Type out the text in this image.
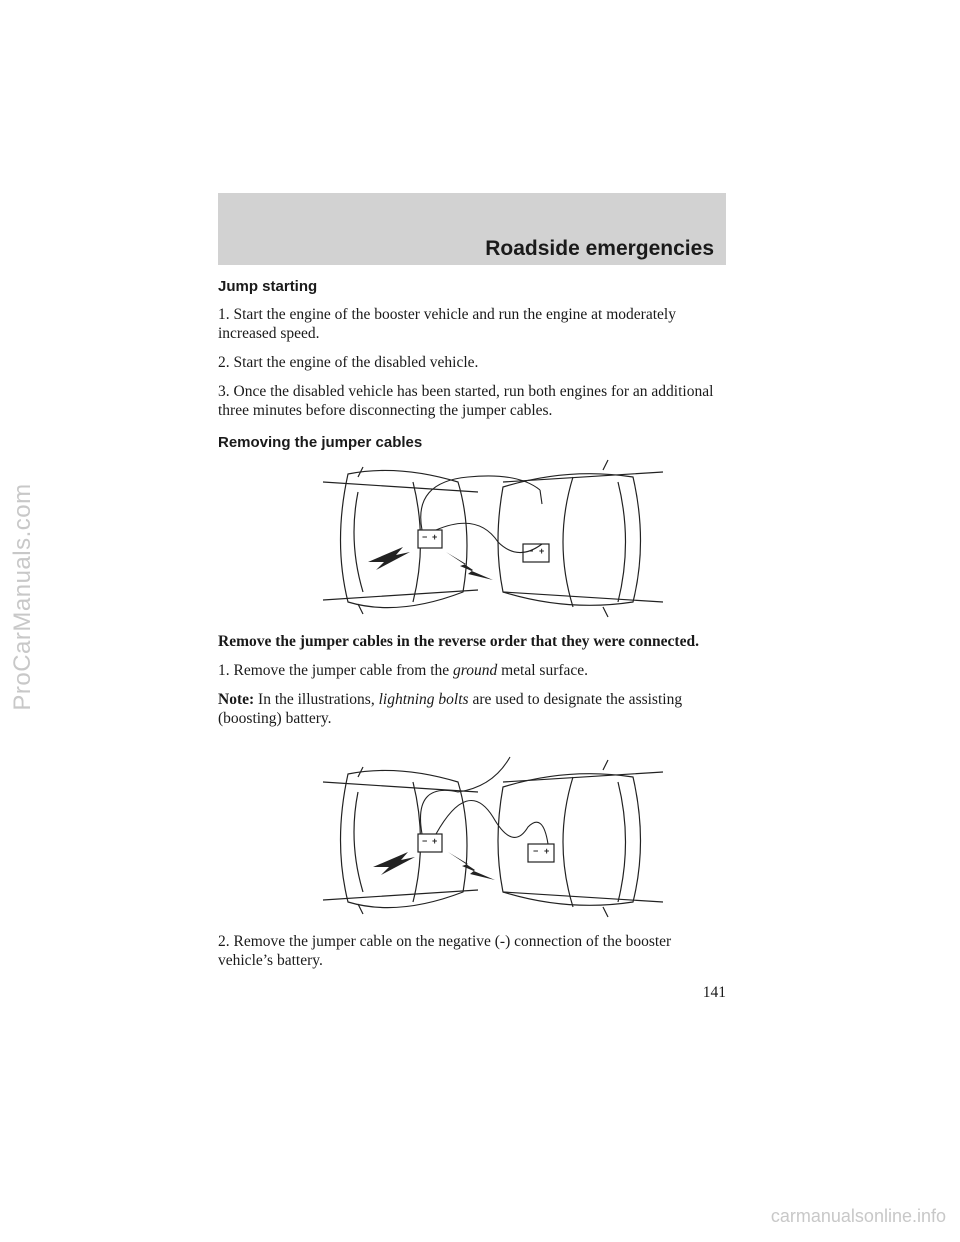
Roadside emergencies
Jump starting

1. Start the engine of the booster vehicle and run the engine at moderately increased speed.

2. Start the engine of the disabled vehicle.

3. Once the disabled vehicle has been started, run both engines for an additional three minutes before disconnecting the jumper cables.

Removing the jumper cables
− +
− +

Remove the jumper cables in the reverse order that they were connected.

1. Remove the jumper cable from the ground metal surface.

Note: In the illustrations, lightning bolts are used to designate the assisting (boosting) battery.

− +
− +

2. Remove the jumper cable on the negative (-) connection of the booster vehicle’s battery.

141
ProCarManuals.com
carmanualsonline.info
